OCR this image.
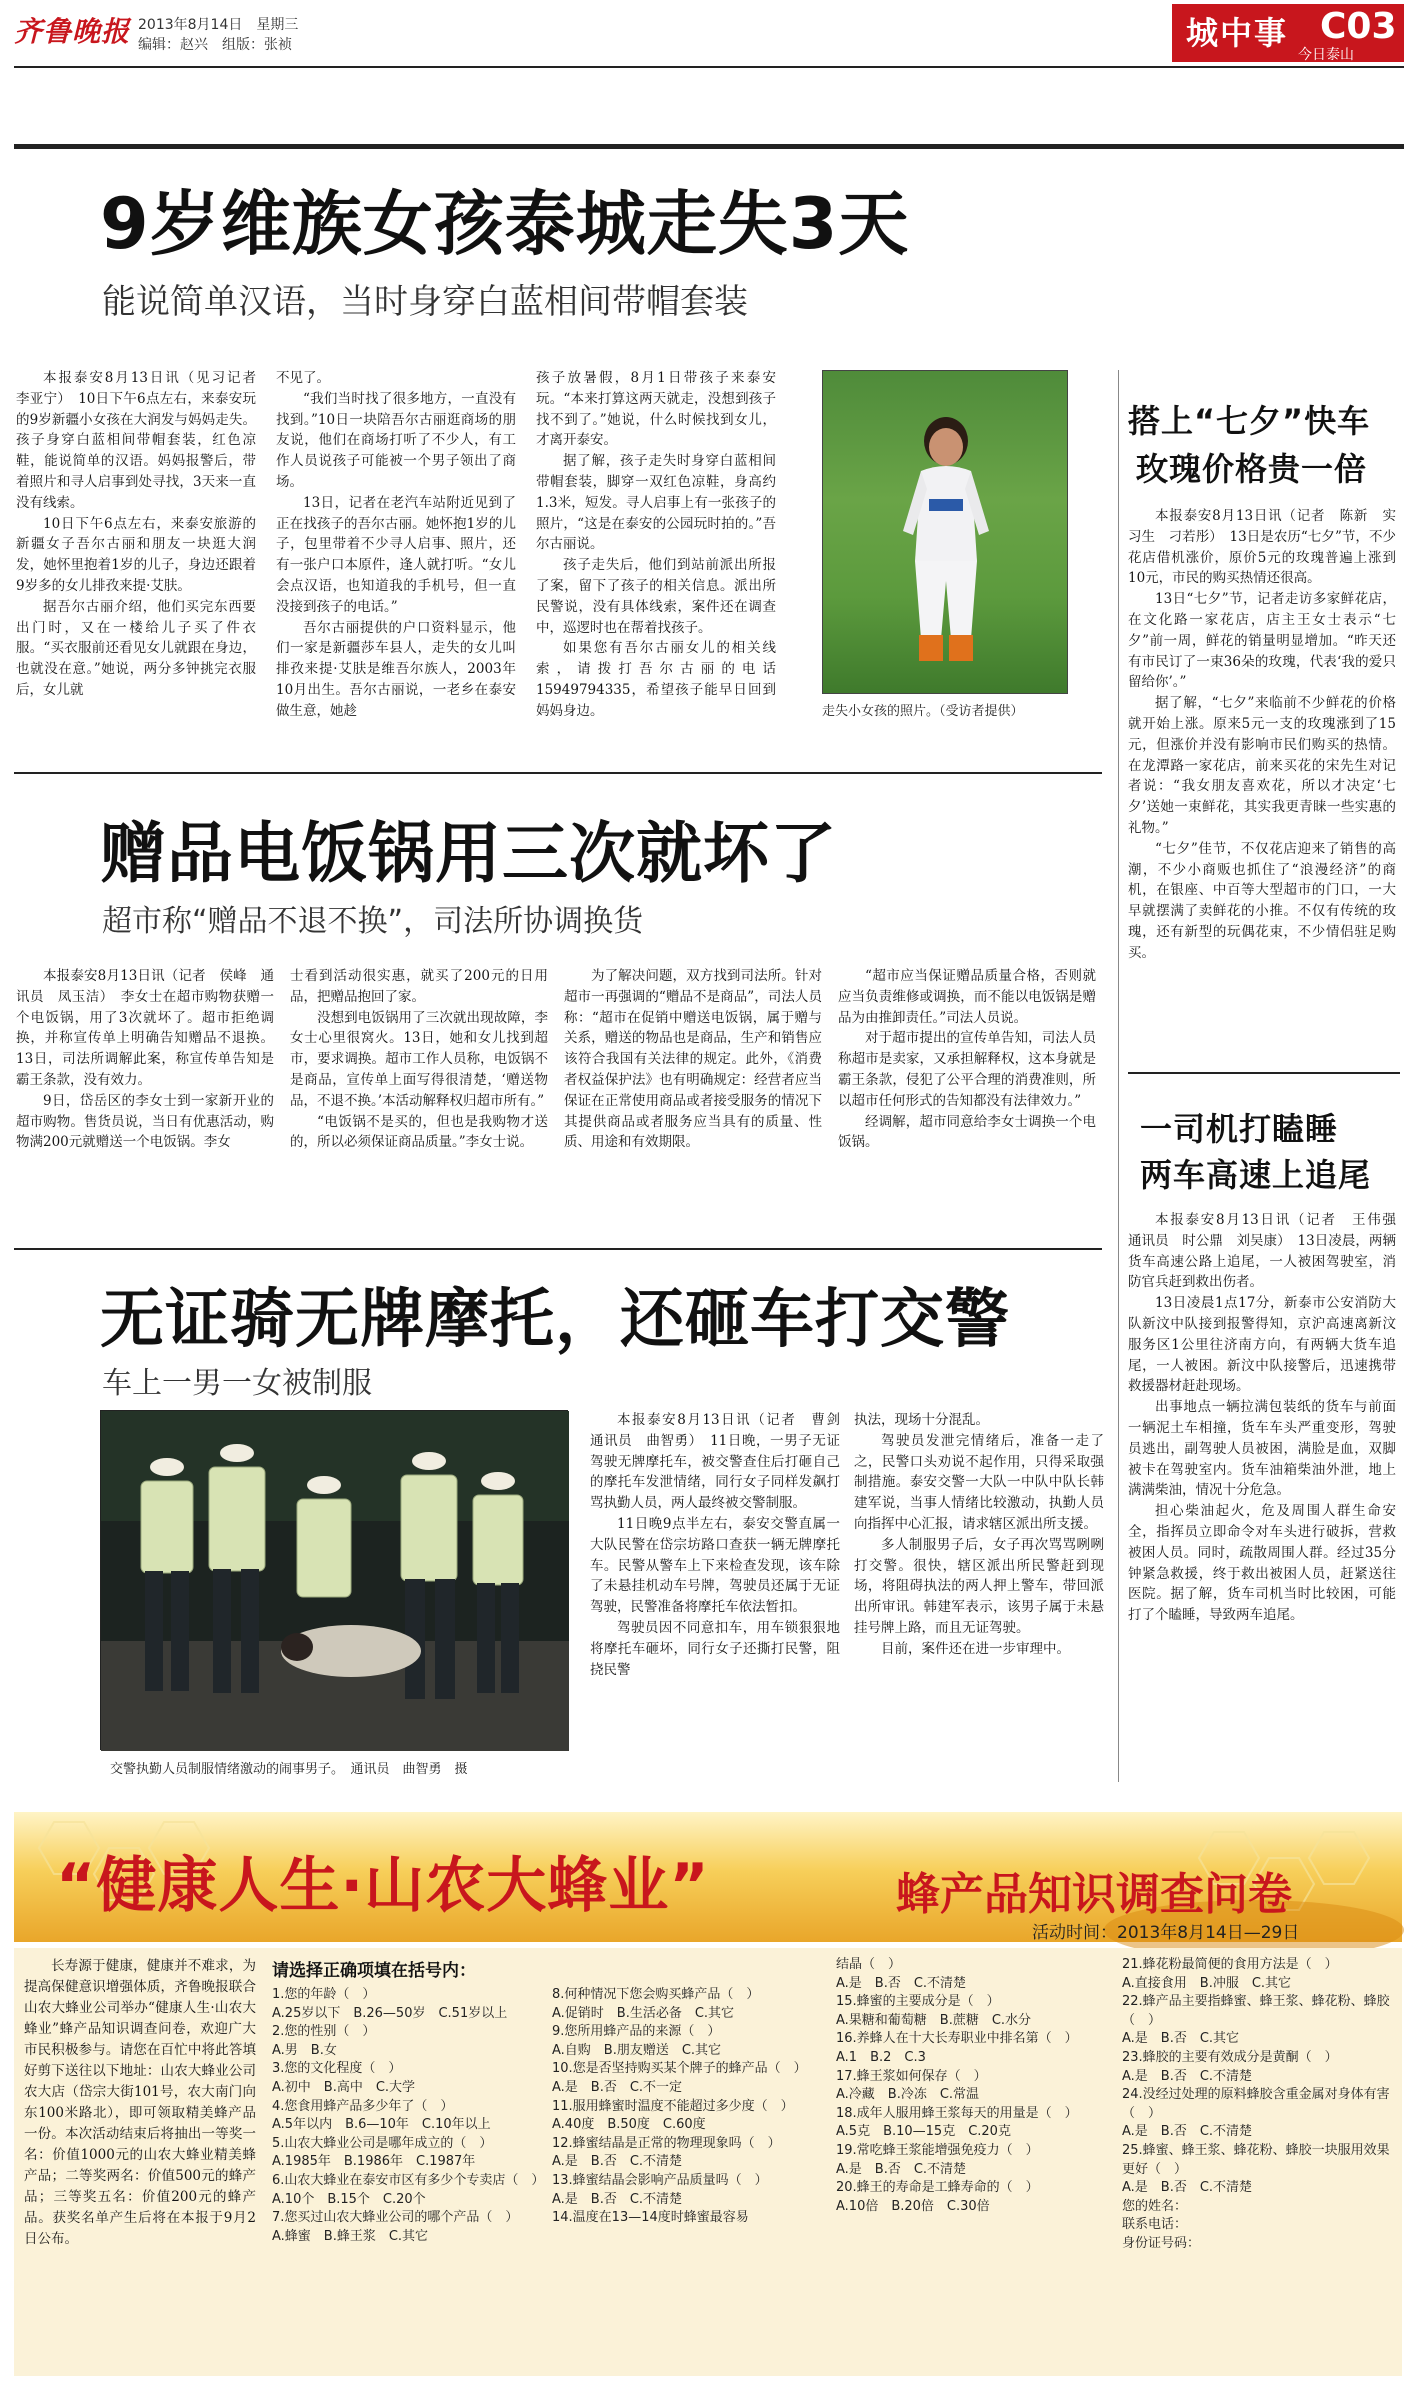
齐鲁晚报 2013年8月14日　星期三
编辑：赵兴　组版：张祯	城中事 C03
今日泰山
9岁维族女孩泰城走失3天
能说简单汉语，当时身穿白蓝相间带帽套装

本报泰安8月13日讯（见习记者　李亚宁）　10日下午6点左右，来泰安玩的9岁新疆小女孩在大润发与妈妈走失。孩子身穿白蓝相间带帽套装，红色凉鞋，能说简单的汉语。妈妈报警后，带着照片和寻人启事到处寻找，3天来一直没有线索。

10日下午6点左右，来泰安旅游的新疆女子吾尔古丽和朋友一块逛大润发，她怀里抱着1岁的儿子，身边还跟着9岁多的女儿排孜来提·艾肤。

据吾尔古丽介绍，他们买完东西要出门时，又在一楼给儿子买了件衣服。“买衣服前还看见女儿就跟在身边，也就没在意。”她说，两分多钟挑完衣服后，女儿就

不见了。

“我们当时找了很多地方，一直没有找到。”10日一块陪吾尔古丽逛商场的朋友说，他们在商场打听了不少人，有工作人员说孩子可能被一个男子领出了商场。

13日，记者在老汽车站附近见到了正在找孩子的吾尔古丽。她怀抱1岁的儿子，包里带着不少寻人启事、照片，还有一张户口本原件，逢人就打听。“女儿会点汉语，也知道我的手机号，但一直没接到孩子的电话。”

吾尔古丽提供的户口资料显示，他们一家是新疆莎车县人，走失的女儿叫排孜来提·艾肤是维吾尔族人，2003年10月出生。吾尔古丽说，一老乡在泰安做生意，她趁

孩子放暑假，8月1日带孩子来泰安玩。“本来打算这两天就走，没想到孩子找不到了。”她说，什么时候找到女儿，才离开泰安。

据了解，孩子走失时身穿白蓝相间带帽套装，脚穿一双红色凉鞋，身高约1.3米，短发。寻人启事上有一张孩子的照片，“这是在泰安的公园玩时拍的。”吾尔古丽说。

孩子走失后，他们到站前派出所报了案，留下了孩子的相关信息。派出所民警说，没有具体线索，案件还在调查中，巡逻时也在帮着找孩子。

如果您有吾尔古丽女儿的相关线索，请拨打吾尔古丽的电话15949794335，希望孩子能早日回到妈妈身边。	走失小女孩的照片。（受访者提供）
赠品电饭锅用三次就坏了
超市称“赠品不退不换”，司法所协调换货

本报泰安8月13日讯（记者　侯峰　通讯员　凤玉洁）　李女士在超市购物获赠一个电饭锅，用了3次就坏了。超市拒绝调换，并称宣传单上明确告知赠品不退换。13日，司法所调解此案，称宣传单告知是霸王条款，没有效力。

9日，岱岳区的李女士到一家新开业的超市购物。售货员说，当日有优惠活动，购物满200元就赠送一个电饭锅。李女

士看到活动很实惠，就买了200元的日用品，把赠品抱回了家。

没想到电饭锅用了三次就出现故障，李女士心里很窝火。13日，她和女儿找到超市，要求调换。超市工作人员称，电饭锅不是商品，宣传单上面写得很清楚，‘赠送物品，不退不换。’本活动解释权归超市所有。”

“电饭锅不是买的，但也是我购物才送的，所以必须保证商品质量。”李女士说。

为了解决问题，双方找到司法所。针对超市一再强调的“赠品不是商品”，司法人员称：“超市在促销中赠送电饭锅，属于赠与关系，赠送的物品也是商品，生产和销售应该符合我国有关法律的规定。此外，《消费者权益保护法》也有明确规定：经营者应当保证在正常使用商品或者接受服务的情况下其提供商品或者服务应当具有的质量、性质、用途和有效期限。

“超市应当保证赠品质量合格，否则就应当负责维修或调换，而不能以电饭锅是赠品为由推卸责任。”司法人员说。

对于超市提出的宣传单告知，司法人员称超市是卖家，又承担解释权，这本身就是霸王条款，侵犯了公平合理的消费准则，所以超市任何形式的告知都没有法律效力。”

经调解，超市同意给李女士调换一个电饭锅。

无证骑无牌摩托，还砸车打交警
车上一男一女被制服
交警执勤人员制服情绪激动的闹事男子。　通讯员　曲智勇　摄

本报泰安8月13日讯（记者　曹剑　通讯员　曲智勇）　11日晚，一男子无证驾驶无牌摩托车，被交警查住后打砸自己的摩托车发泄情绪，同行女子同样发飙打骂执勤人员，两人最终被交警制服。

11日晚9点半左右，泰安交警直属一大队民警在岱宗坊路口查获一辆无牌摩托车。民警从警车上下来检查发现，该车除了未悬挂机动车号牌，驾驶员还属于无证驾驶，民警准备将摩托车依法暂扣。

驾驶员因不同意扣车，用车锁狠狠地将摩托车砸坏，同行女子还撕打民警，阻挠民警

执法，现场十分混乱。

驾驶员发泄完情绪后，准备一走了之，民警口头劝说不起作用，只得采取强制措施。泰安交警一大队一中队中队长韩建军说，当事人情绪比较激动，执勤人员向指挥中心汇报，请求辖区派出所支援。

多人制服男子后，女子再次骂骂咧咧打交警。很快，辖区派出所民警赶到现场，将阻碍执法的两人押上警车，带回派出所审讯。韩建军表示，该男子属于未悬挂号牌上路，而且无证驾驶。

目前，案件还在进一步审理中。

搭上“七夕”快车
玫瑰价格贵一倍

本报泰安8月13日讯（记者　陈新　实习生　刁若彤）　13日是农历“七夕”节，不少花店借机涨价，原价5元的玫瑰普遍上涨到10元，市民的购买热情还很高。

13日“七夕”节，记者走访多家鲜花店，在文化路一家花店，店主王女士表示“七夕”前一周，鲜花的销量明显增加。“昨天还有市民订了一束36朵的玫瑰，代表‘我的爱只留给你’。”

据了解，“七夕”来临前不少鲜花的价格就开始上涨。原来5元一支的玫瑰涨到了15元，但涨价并没有影响市民们购买的热情。在龙潭路一家花店，前来买花的宋先生对记者说：“我女朋友喜欢花，所以才决定‘七夕’送她一束鲜花，其实我更青睐一些实惠的礼物。”

“七夕”佳节，不仅花店迎来了销售的高潮，不少小商贩也抓住了“浪漫经济”的商机，在银座、中百等大型超市的门口，一大早就摆满了卖鲜花的小推。不仅有传统的玫瑰，还有新型的玩偶花束，不少情侣驻足购买。

一司机打瞌睡
两车高速上追尾

本报泰安8月13日讯（记者　王伟强　通讯员　时公鼎　刘吴康）　13日凌晨，两辆货车高速公路上追尾，一人被困驾驶室，消防官兵赶到救出伤者。

13日凌晨1点17分，新泰市公安消防大队新汶中队接到报警得知，京沪高速离新汶服务区1公里往济南方向，有两辆大货车追尾，一人被困。新汶中队接警后，迅速携带救援器材赶赴现场。

出事地点一辆拉满包装纸的货车与前面一辆泥土车相撞，货车车头严重变形，驾驶员逃出，副驾驶人员被困，满脸是血，双脚被卡在驾驶室内。货车油箱柴油外泄，地上满满柴油，情况十分危急。

担心柴油起火，危及周围人群生命安全，指挥员立即命令对车头进行破拆，营救被困人员。同时，疏散周围人群。经过35分钟紧急救援，终于救出被困人员，赶紧送往医院。据了解，货车司机当时比较困，可能打了个瞌睡，导致两车追尾。

“健康人生·山农大蜂业”	蜂产品知识调查问卷
活动时间：2013年8月14日—29日

长寿源于健康，健康并不难求，为提高保健意识增强体质，齐鲁晚报联合山农大蜂业公司举办“健康人生·山农大蜂业”蜂产品知识调查问卷，欢迎广大市民积极参与。请您在百忙中将此答填好剪下送往以下地址：山农大蜂业公司农大店（岱宗大街101号，农大南门向东100米路北），即可领取精美蜂产品一份。本次活动结束后将抽出一等奖一名：价值1000元的山农大蜂业精美蜂产品；二等奖两名：价值500元的蜂产品；三等奖五名：价值200元的蜂产品。获奖名单产生后将在本报于9月2日公布。

请选择正确项填在括号内：
1.您的年龄（　）
A.25岁以下　B.26—50岁　C.51岁以上
2.您的性别（　）
A.男　B.女
3.您的文化程度（　）
A.初中　B.高中　C.大学
4.您食用蜂产品多少年了（　）
A.5年以内　B.6—10年　C.10年以上
5.山农大蜂业公司是哪年成立的（　）
A.1985年　B.1986年　C.1987年
6.山农大蜂业在泰安市区有多少个专卖店（　）
A.10个　B.15个　C.20个
7.您买过山农大蜂业公司的哪个产品（　）
A.蜂蜜　B.蜂王浆　C.其它
8.何种情况下您会购买蜂产品（　）
A.促销时　B.生活必备　C.其它
9.您所用蜂产品的来源（　）
A.自购　B.朋友赠送　C.其它
10.您是否坚持购买某个牌子的蜂产品（　）
A.是　B.否　C.不一定
11.服用蜂蜜时温度不能超过多少度（　）
A.40度　B.50度　C.60度
12.蜂蜜结晶是正常的物理现象吗（　）
A.是　B.否　C.不清楚
13.蜂蜜结晶会影响产品质量吗（　）
A.是　B.否　C.不清楚
14.温度在13—14度时蜂蜜最容易
结晶（　）
A.是　B.否　C.不清楚
15.蜂蜜的主要成分是（　）
A.果糖和葡萄糖　B.蔗糖　C.水分
16.养蜂人在十大长寿职业中排名第（　）
A.1　B.2　C.3
17.蜂王浆如何保存（　）
A.冷藏　B.冷冻　C.常温
18.成年人服用蜂王浆每天的用量是（　）
A.5克　B.10—15克　C.20克
19.常吃蜂王浆能增强免疫力（　）
A.是　B.否　C.不清楚
20.蜂王的寿命是工蜂寿命的（　）
A.10倍　B.20倍　C.30倍
21.蜂花粉最简便的食用方法是（　）
A.直接食用　B.冲服　C.其它
22.蜂产品主要指蜂蜜、蜂王浆、蜂花粉、蜂胶（　）
A.是　B.否　C.其它
23.蜂胶的主要有效成分是黄酮（　）
A.是　B.否　C.不清楚
24.没经过处理的原料蜂胶含重金属对身体有害（　）
A.是　B.否　C.不清楚
25.蜂蜜、蜂王浆、蜂花粉、蜂胶一块服用效果更好（　）
A.是　B.否　C.不清楚
您的姓名：
联系电话：
身份证号码：
